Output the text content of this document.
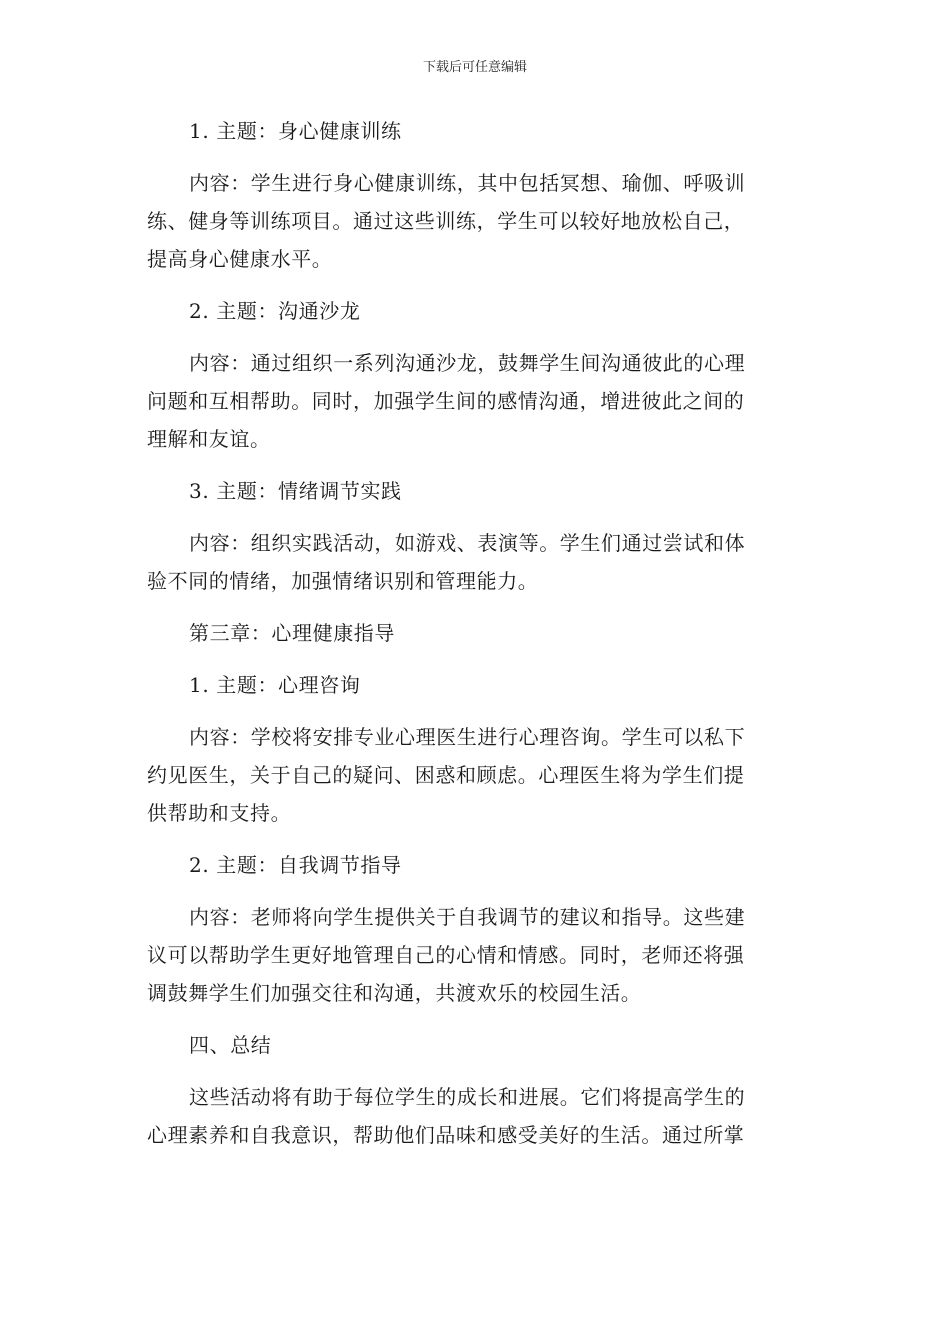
下载后可任意编辑
1. 主题：身心健康训练
内容：学生进行身心健康训练，其中包括冥想、瑜伽、呼吸训
练、健身等训练项目。通过这些训练，学生可以较好地放松自己，
提高身心健康水平。
2. 主题：沟通沙龙
内容：通过组织一系列沟通沙龙，鼓舞学生间沟通彼此的心理
问题和互相帮助。同时，加强学生间的感情沟通，增进彼此之间的
理解和友谊。
3. 主题：情绪调节实践
内容：组织实践活动，如游戏、表演等。学生们通过尝试和体
验不同的情绪，加强情绪识别和管理能力。
第三章：心理健康指导
1. 主题：心理咨询
内容：学校将安排专业心理医生进行心理咨询。学生可以私下
约见医生，关于自己的疑问、困惑和顾虑。心理医生将为学生们提
供帮助和支持。
2. 主题：自我调节指导
内容：老师将向学生提供关于自我调节的建议和指导。这些建
议可以帮助学生更好地管理自己的心情和情感。同时，老师还将强
调鼓舞学生们加强交往和沟通，共渡欢乐的校园生活。
四、总结
这些活动将有助于每位学生的成长和进展。它们将提高学生的
心理素养和自我意识，帮助他们品味和感受美好的生活。通过所掌
